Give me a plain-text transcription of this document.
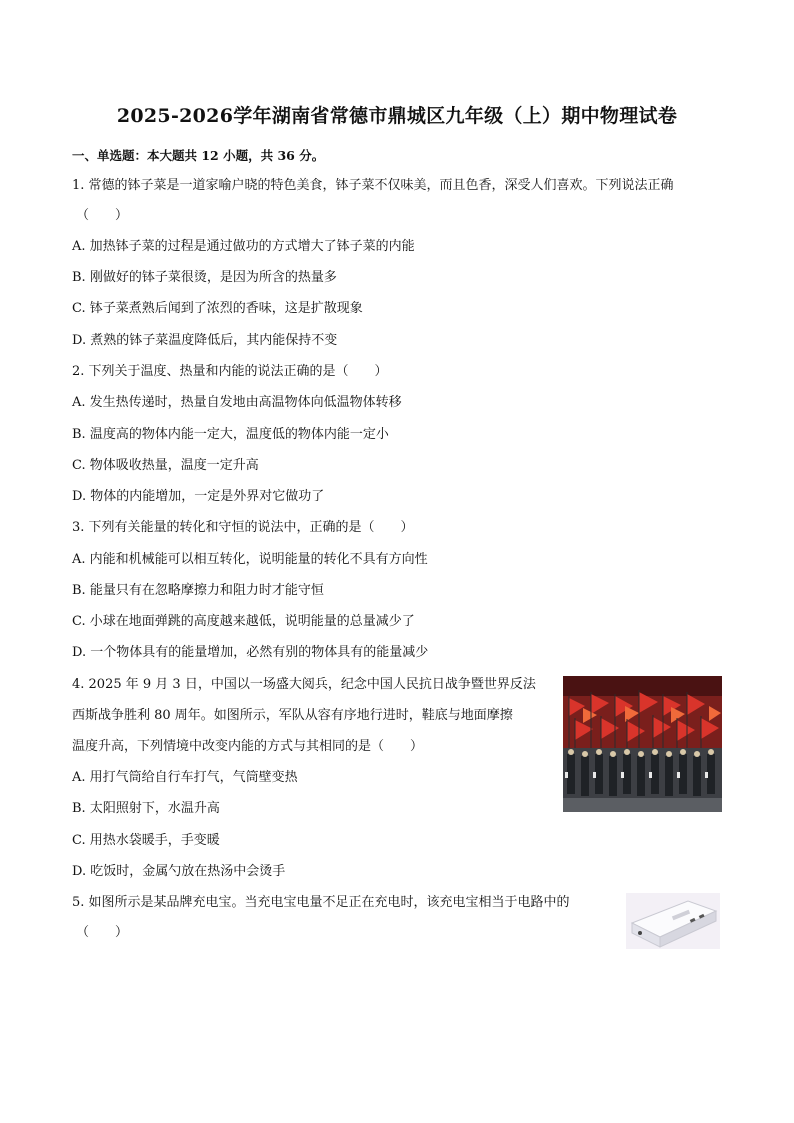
2025-2026学年湖南省常德市鼎城区九年级（上）期中物理试卷
一、单选题：本大题共 12 小题，共 36 分。
1. 常德的钵子菜是一道家喻户晓的特色美食，钵子菜不仅味美，而且色香，深受人们喜欢。下列说法正确
（　　）
A. 加热钵子菜的过程是通过做功的方式增大了钵子菜的内能
B. 刚做好的钵子菜很烫，是因为所含的热量多
C. 钵子菜煮熟后闻到了浓烈的香味，这是扩散现象
D. 煮熟的钵子菜温度降低后，其内能保持不变
2. 下列关于温度、热量和内能的说法正确的是（　　）
A. 发生热传递时，热量自发地由高温物体向低温物体转移
B. 温度高的物体内能一定大，温度低的物体内能一定小
C. 物体吸收热量，温度一定升高
D. 物体的内能增加，一定是外界对它做功了
3. 下列有关能量的转化和守恒的说法中，正确的是（　　）
A. 内能和机械能可以相互转化，说明能量的转化不具有方向性
B. 能量只有在忽略摩擦力和阻力时才能守恒
C. 小球在地面弹跳的高度越来越低，说明能量的总量减少了
D. 一个物体具有的能量增加，必然有别的物体具有的能量减少
4. 2025 年 9 月 3 日，中国以一场盛大阅兵，纪念中国人民抗日战争暨世界反法
西斯战争胜利 80 周年。如图所示，军队从容有序地行进时，鞋底与地面摩擦
温度升高，下列情境中改变内能的方式与其相同的是（　　）
A. 用打气筒给自行车打气，气筒壁变热
B. 太阳照射下，水温升高
C. 用热水袋暖手，手变暖
D. 吃饭时，金属勺放在热汤中会烫手
5. 如图所示是某品牌充电宝。当充电宝电量不足正在充电时，该充电宝相当于电路中的
（　　）
